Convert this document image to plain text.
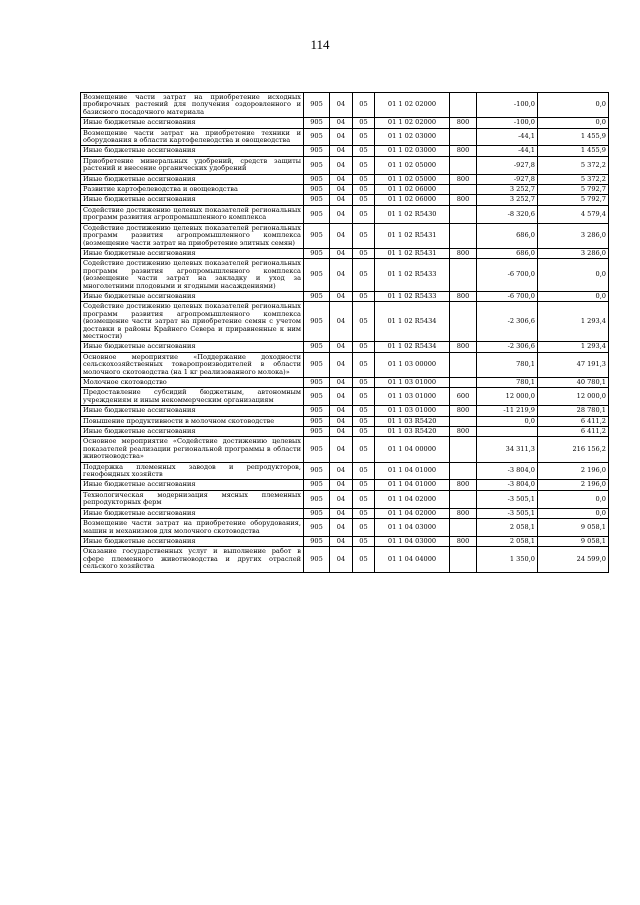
114
Возмещение части затрат на приобретение исходных пробирочных растений для получения оздоровленного и базисного посадочного материала	905	04	05	01 1 02 02000		-100,0	0,0
Иные бюджетные ассигнования	905	04	05	01 1 02 02000	800	-100,0	0,0
Возмещение части затрат на приобретение техники и оборудования в области картофелеводства и овощеводства	905	04	05	01 1 02 03000		-44,1	1 455,9
Иные бюджетные ассигнования	905	04	05	01 1 02 03000	800	-44,1	1 455,9
Приобретение минеральных удобрений, средств защиты растений и внесение органических удобрений	905	04	05	01 1 02 05000		-927,8	5 372,2
Иные бюджетные ассигнования	905	04	05	01 1 02 05000	800	-927,8	5 372,2
Развитие картофелеводства и овощеводства	905	04	05	01 1 02 06000		3 252,7	5 792,7
Иные бюджетные ассигнования	905	04	05	01 1 02 06000	800	3 252,7	5 792,7
Содействие достижению целевых показателей региональных программ развития агропромышленного комплекса	905	04	05	01 1 02 R5430		-8 320,6	4 579,4
Содействие достижению целевых показателей региональных программ развития агропромышленного комплекса (возмещение части затрат на приобретение элитных семян)	905	04	05	01 1 02 R5431		686,0	3 286,0
Иные бюджетные ассигнования	905	04	05	01 1 02 R5431	800	686,0	3 286,0
Содействие достижению целевых показателей региональных программ развития агропромышленного комплекса (возмещение части затрат на закладку и уход за многолетними плодовыми и ягодными насаждениями)	905	04	05	01 1 02 R5433		-6 700,0	0,0
Иные бюджетные ассигнования	905	04	05	01 1 02 R5433	800	-6 700,0	0,0
Содействие достижению целевых показателей региональных программ развития агропромышленного комплекса (возмещение части затрат на приобретение семян с учетом доставки в районы Крайнего Севера и приравненные к ним местности)	905	04	05	01 1 02 R5434		-2 306,6	1 293,4
Иные бюджетные ассигнования	905	04	05	01 1 02 R5434	800	-2 306,6	1 293,4
Основное мероприятие «Поддержание доходности сельскохозяйственных товаропроизводителей в области молочного скотоводства (на 1 кг реализованного молока)»	905	04	05	01 1 03 00000		780,1	47 191,3
Молочное скотоводство	905	04	05	01 1 03 01000		780,1	40 780,1
Предоставление субсидий бюджетным, автономным учреждениям и иным некоммерческим организациям	905	04	05	01 1 03 01000	600	12 000,0	12 000,0
Иные бюджетные ассигнования	905	04	05	01 1 03 01000	800	-11 219,9	28 780,1
Повышение продуктивности в молочном скотоводстве	905	04	05	01 1 03 R5420		0,0	6 411,2
Иные бюджетные ассигнования	905	04	05	01 1 03 R5420	800		6 411,2
Основное мероприятие «Содействие достижению целевых показателей реализации региональной программы в области животноводства»	905	04	05	01 1 04 00000		34 311,3	216 156,2
Поддержка племенных заводов и репродукторов, генофондных хозяйств	905	04	05	01 1 04 01000		-3 804,0	2 196,0
Иные бюджетные ассигнования	905	04	05	01 1 04 01000	800	-3 804,0	2 196,0
Технологическая модернизация мясных племенных репродукторных ферм	905	04	05	01 1 04 02000		-3 505,1	0,0
Иные бюджетные ассигнования	905	04	05	01 1 04 02000	800	-3 505,1	0,0
Возмещение части затрат на приобретение оборудования, машин и механизмов для молочного скотоводства	905	04	05	01 1 04 03000		2 058,1	9 058,1
Иные бюджетные ассигнования	905	04	05	01 1 04 03000	800	2 058,1	9 058,1
Оказание государственных услуг и выполнение работ в сфере племенного животноводства и других отраслей сельского хозяйства	905	04	05	01 1 04 04000		1 350,0	24 599,0
